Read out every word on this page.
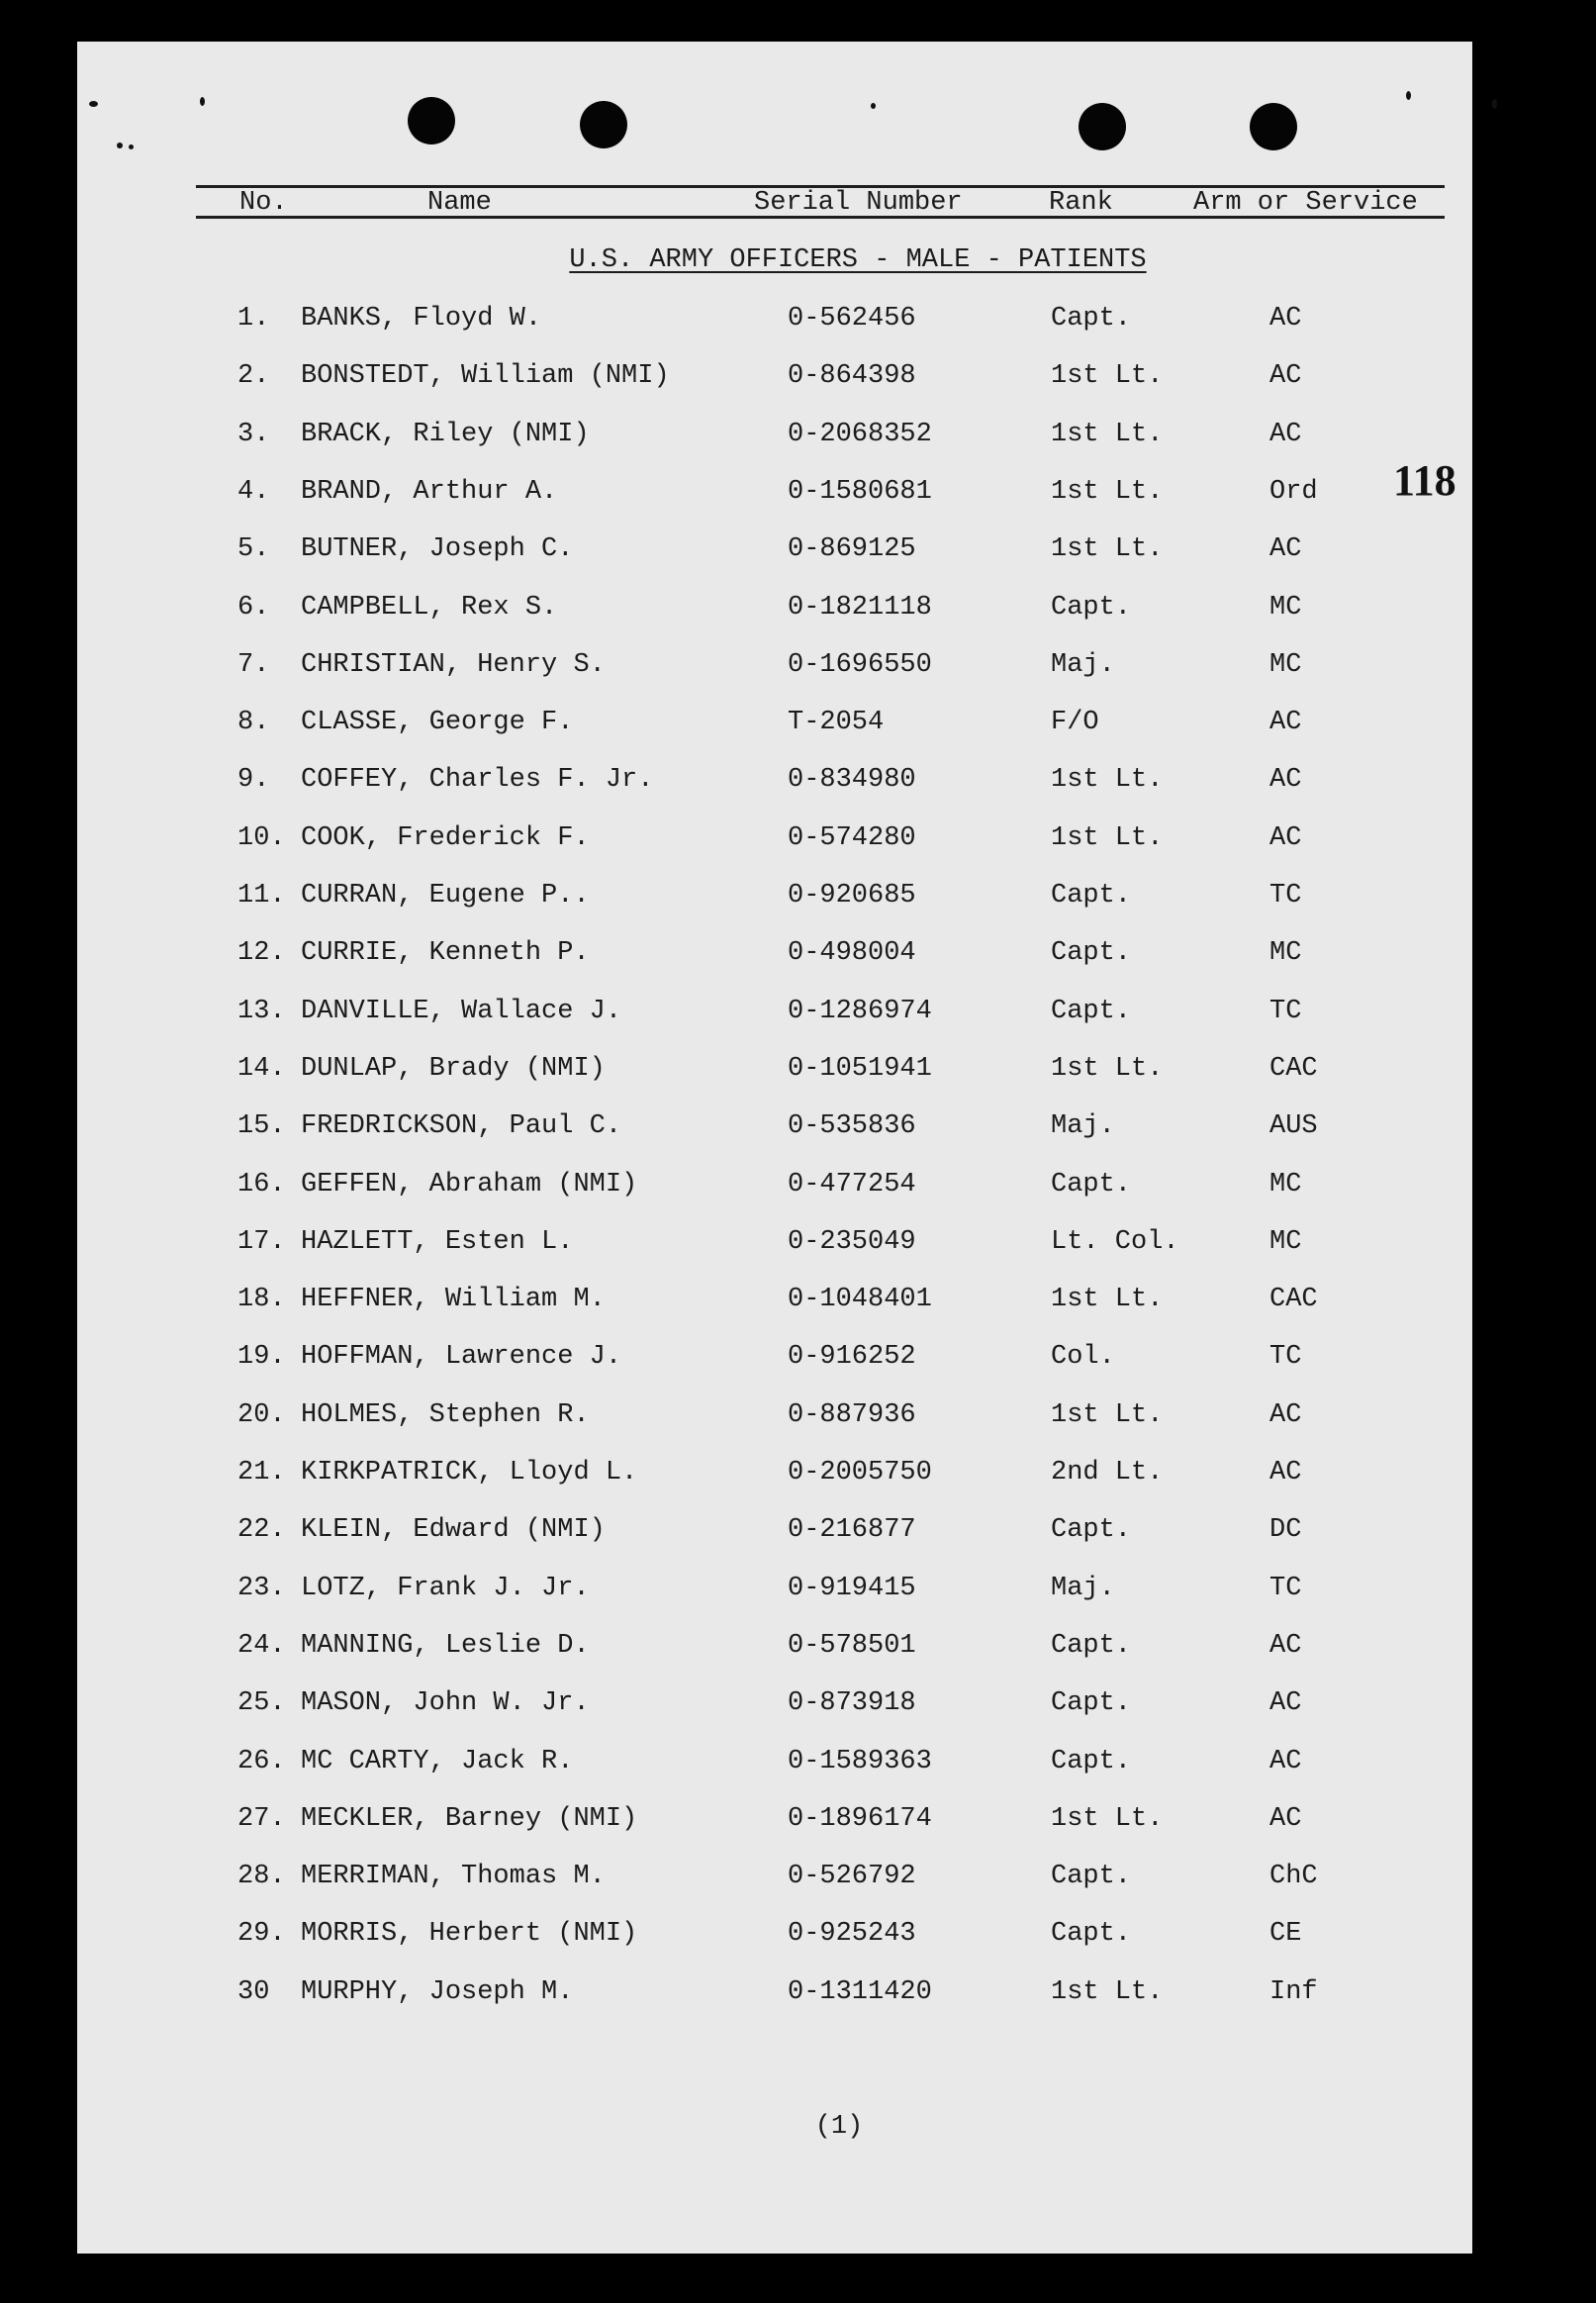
No.	Name	Serial Number	Rank	Arm or Service
U.S. ARMY OFFICERS - MALE - PATIENTS
118
1. BANKS, Floyd W.	0-562456	Capt.	AC
2. BONSTEDT, William (NMI)	0-864398	1st Lt.	AC
3. BRACK, Riley (NMI)	0-2068352	1st Lt.	AC
4. BRAND, Arthur A.	0-1580681	1st Lt.	Ord
5. BUTNER, Joseph C.	0-869125	1st Lt.	AC
6. CAMPBELL, Rex S.	0-1821118	Capt.	MC
7. CHRISTIAN, Henry S.	0-1696550	Maj.	MC
8. CLASSE, George F.	T-2054	F/O	AC
9. COFFEY, Charles F. Jr.	0-834980	1st Lt.	AC
10. COOK, Frederick F.	0-574280	1st Lt.	AC
11. CURRAN, Eugene P..	0-920685	Capt.	TC
12. CURRIE, Kenneth P.	0-498004	Capt.	MC
13. DANVILLE, Wallace J.	0-1286974	Capt.	TC
14. DUNLAP, Brady (NMI)	0-1051941	1st Lt.	CAC
15. FREDRICKSON, Paul C.	0-535836	Maj.	AUS
16. GEFFEN, Abraham (NMI)	0-477254	Capt.	MC
17. HAZLETT, Esten L.	0-235049	Lt. Col.	MC
18. HEFFNER, William M.	0-1048401	1st Lt.	CAC
19. HOFFMAN, Lawrence J.	0-916252	Col.	TC
20. HOLMES, Stephen R.	0-887936	1st Lt.	AC
21. KIRKPATRICK, Lloyd L.	0-2005750	2nd Lt.	AC
22. KLEIN, Edward (NMI)	0-216877	Capt.	DC
23. LOTZ, Frank J. Jr.	0-919415	Maj.	TC
24. MANNING, Leslie D.	0-578501	Capt.	AC
25. MASON, John W. Jr.	0-873918	Capt.	AC
26. MC CARTY, Jack R.	0-1589363	Capt.	AC
27. MECKLER, Barney (NMI)	0-1896174	1st Lt.	AC
28. MERRIMAN, Thomas M.	0-526792	Capt.	ChC
29. MORRIS, Herbert (NMI)	0-925243	Capt.	CE
30 MURPHY, Joseph M.	0-1311420	1st Lt.	Inf
(1)
